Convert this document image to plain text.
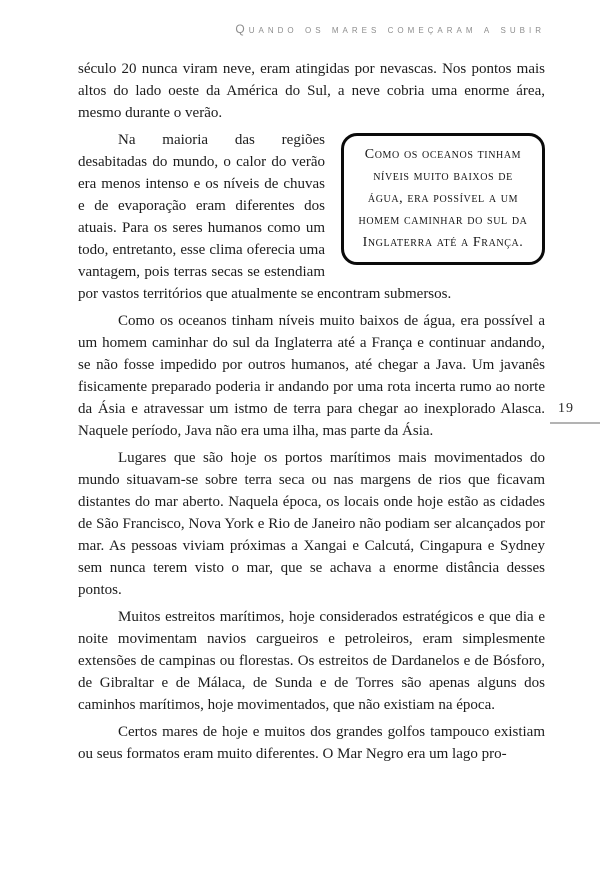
Quando os mares começaram a subir

século 20 nunca viram neve, eram atingidas por nevascas. Nos pontos mais altos do lado oeste da América do Sul, a neve cobria uma enorme área, mesmo durante o verão.

Como os oceanos tinham níveis muito baixos de água, era possível a um homem caminhar do sul da Inglaterra até a França.

Na maioria das regiões desabitadas do mundo, o calor do verão era menos intenso e os níveis de chuvas e de evaporação eram diferentes dos atuais. Para os seres humanos como um todo, entretanto, esse clima oferecia uma vantagem, pois terras secas se estendiam por vastos territórios que atualmente se encontram submersos.

Como os oceanos tinham níveis muito baixos de água, era possível a um homem caminhar do sul da Inglaterra até a França e continuar andando, se não fosse impedido por outros humanos, até chegar a Java. Um javanês fisicamente preparado poderia ir andando por uma rota incerta rumo ao norte da Ásia e atravessar um istmo de terra para chegar ao inexplorado Alasca. Naquele período, Java não era uma ilha, mas parte da Ásia.

Lugares que são hoje os portos marítimos mais movimentados do mundo situavam-se sobre terra seca ou nas margens de rios que ficavam distantes do mar aberto. Naquela época, os locais onde hoje estão as cidades de São Francisco, Nova York e Rio de Janeiro não podiam ser alcançados por mar. As pessoas viviam próximas a Xangai e Calcutá, Cingapura e Sydney sem nunca terem visto o mar, que se achava a enorme distância desses pontos.

Muitos estreitos marítimos, hoje considerados estratégicos e que dia e noite movimentam navios cargueiros e petroleiros, eram simplesmente extensões de campinas ou florestas. Os estreitos de Dardanelos e de Bósforo, de Gibraltar e de Málaca, de Sunda e de Torres são apenas alguns dos caminhos marítimos, hoje movimentados, que não existiam na época.

Certos mares de hoje e muitos dos grandes golfos tampouco existiam ou seus formatos eram muito diferentes. O Mar Negro era um lago pro-

19
